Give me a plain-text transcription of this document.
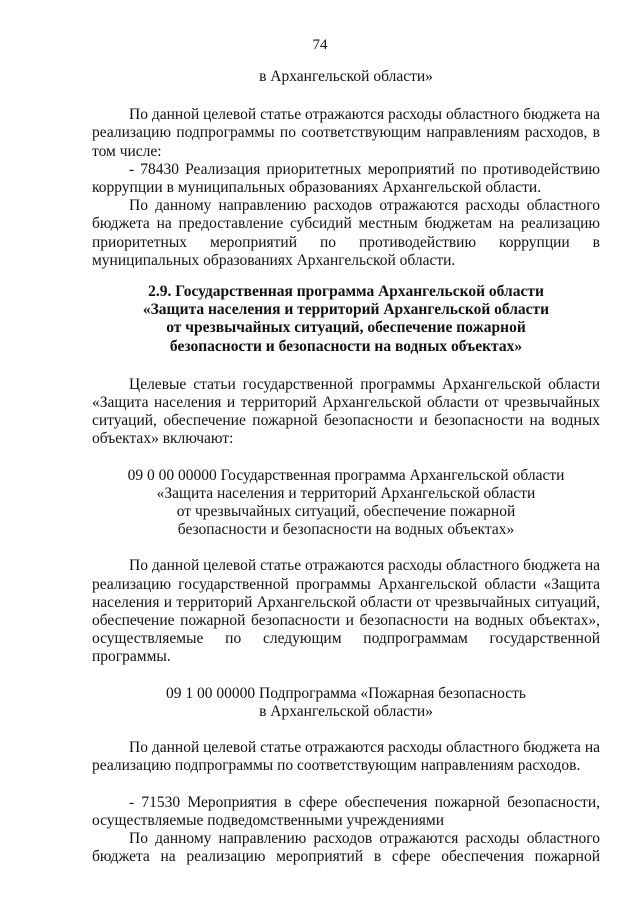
74

в Архангельской области»

По данной целевой статье отражаются расходы областного бюджета на реализацию подпрограммы по соответствующим направлениям расходов, в том числе:

- 78430 Реализация приоритетных мероприятий по противодействию коррупции в муниципальных образованиях Архангельской области.

По данному направлению расходов отражаются расходы областного бюджета на предоставление субсидий местным бюджетам на реализацию приоритетных мероприятий по противодействию коррупции в муниципальных образованиях Архангельской области.

2.9. Государственная программа Архангельской области

«Защита населения и территорий Архангельской области

от чрезвычайных ситуаций, обеспечение пожарной

безопасности и безопасности на водных объектах»

Целевые статьи государственной программы Архангельской области «Защита населения и территорий Архангельской области от чрезвычайных ситуаций, обеспечение пожарной безопасности и безопасности на водных объектах» включают:

09 0 00 00000 Государственная программа Архангельской области

«Защита населения и территорий Архангельской области

от чрезвычайных ситуаций, обеспечение пожарной

безопасности и безопасности на водных объектах»

По данной целевой статье отражаются расходы областного бюджета на реализацию государственной программы Архангельской области «Защита населения и территорий Архангельской области от чрезвычайных ситуаций, обеспечение пожарной безопасности и безопасности на водных объектах», осуществляемые по следующим подпрограммам государственной программы.

09 1 00 00000 Подпрограмма «Пожарная безопасность

в Архангельской области»

По данной целевой статье отражаются расходы областного бюджета на реализацию подпрограммы по соответствующим направлениям расходов.

- 71530 Мероприятия в сфере обеспечения пожарной безопасности, осуществляемые подведомственными учреждениями

По данному направлению расходов отражаются расходы областного бюджета на реализацию мероприятий в сфере обеспечения пожарной
